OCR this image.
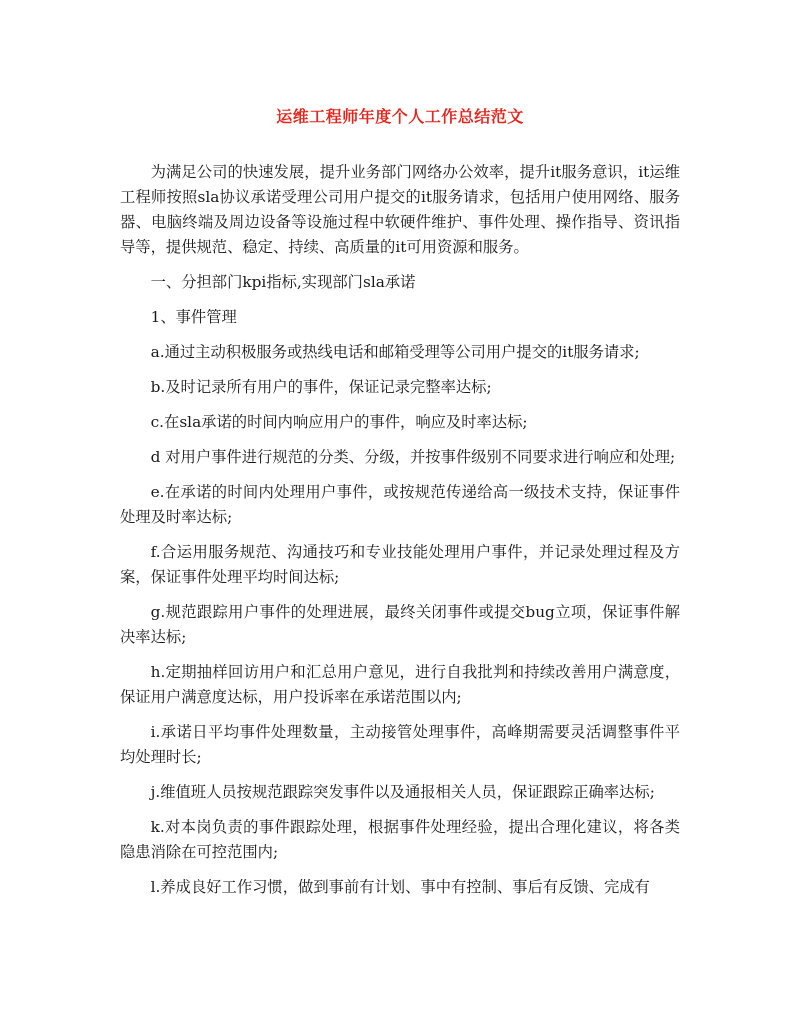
运维工程师年度个人工作总结范文

为满足公司的快速发展，提升业务部门网络办公效率，提升it服务意识，it运维工程师按照sla协议承诺受理公司用户提交的it服务请求，包括用户使用网络、服务器、电脑终端及周边设备等设施过程中软硬件维护、事件处理、操作指导、资讯指导等，提供规范、稳定、持续、高质量的it可用资源和服务。

一、分担部门kpi指标,实现部门sla承诺

1、事件管理

a.通过主动积极服务或热线电话和邮箱受理等公司用户提交的it服务请求;

b.及时记录所有用户的事件，保证记录完整率达标;

c.在sla承诺的时间内响应用户的事件，响应及时率达标;

d 对用户事件进行规范的分类、分级，并按事件级别不同要求进行响应和处理;

e.在承诺的时间内处理用户事件，或按规范传递给高一级技术支持，保证事件处理及时率达标;

f.合运用服务规范、沟通技巧和专业技能处理用户事件，并记录处理过程及方案，保证事件处理平均时间达标;

g.规范跟踪用户事件的处理进展，最终关闭事件或提交bug立项，保证事件解决率达标;

h.定期抽样回访用户和汇总用户意见，进行自我批判和持续改善用户满意度，保证用户满意度达标，用户投诉率在承诺范围以内;

i.承诺日平均事件处理数量，主动接管处理事件，高峰期需要灵活调整事件平均处理时长;

j.维值班人员按规范跟踪突发事件以及通报相关人员，保证跟踪正确率达标;

k.对本岗负责的事件跟踪处理，根据事件处理经验，提出合理化建议，将各类隐患消除在可控范围内;

l.养成良好工作习惯，做到事前有计划、事中有控制、事后有反馈、完成有
